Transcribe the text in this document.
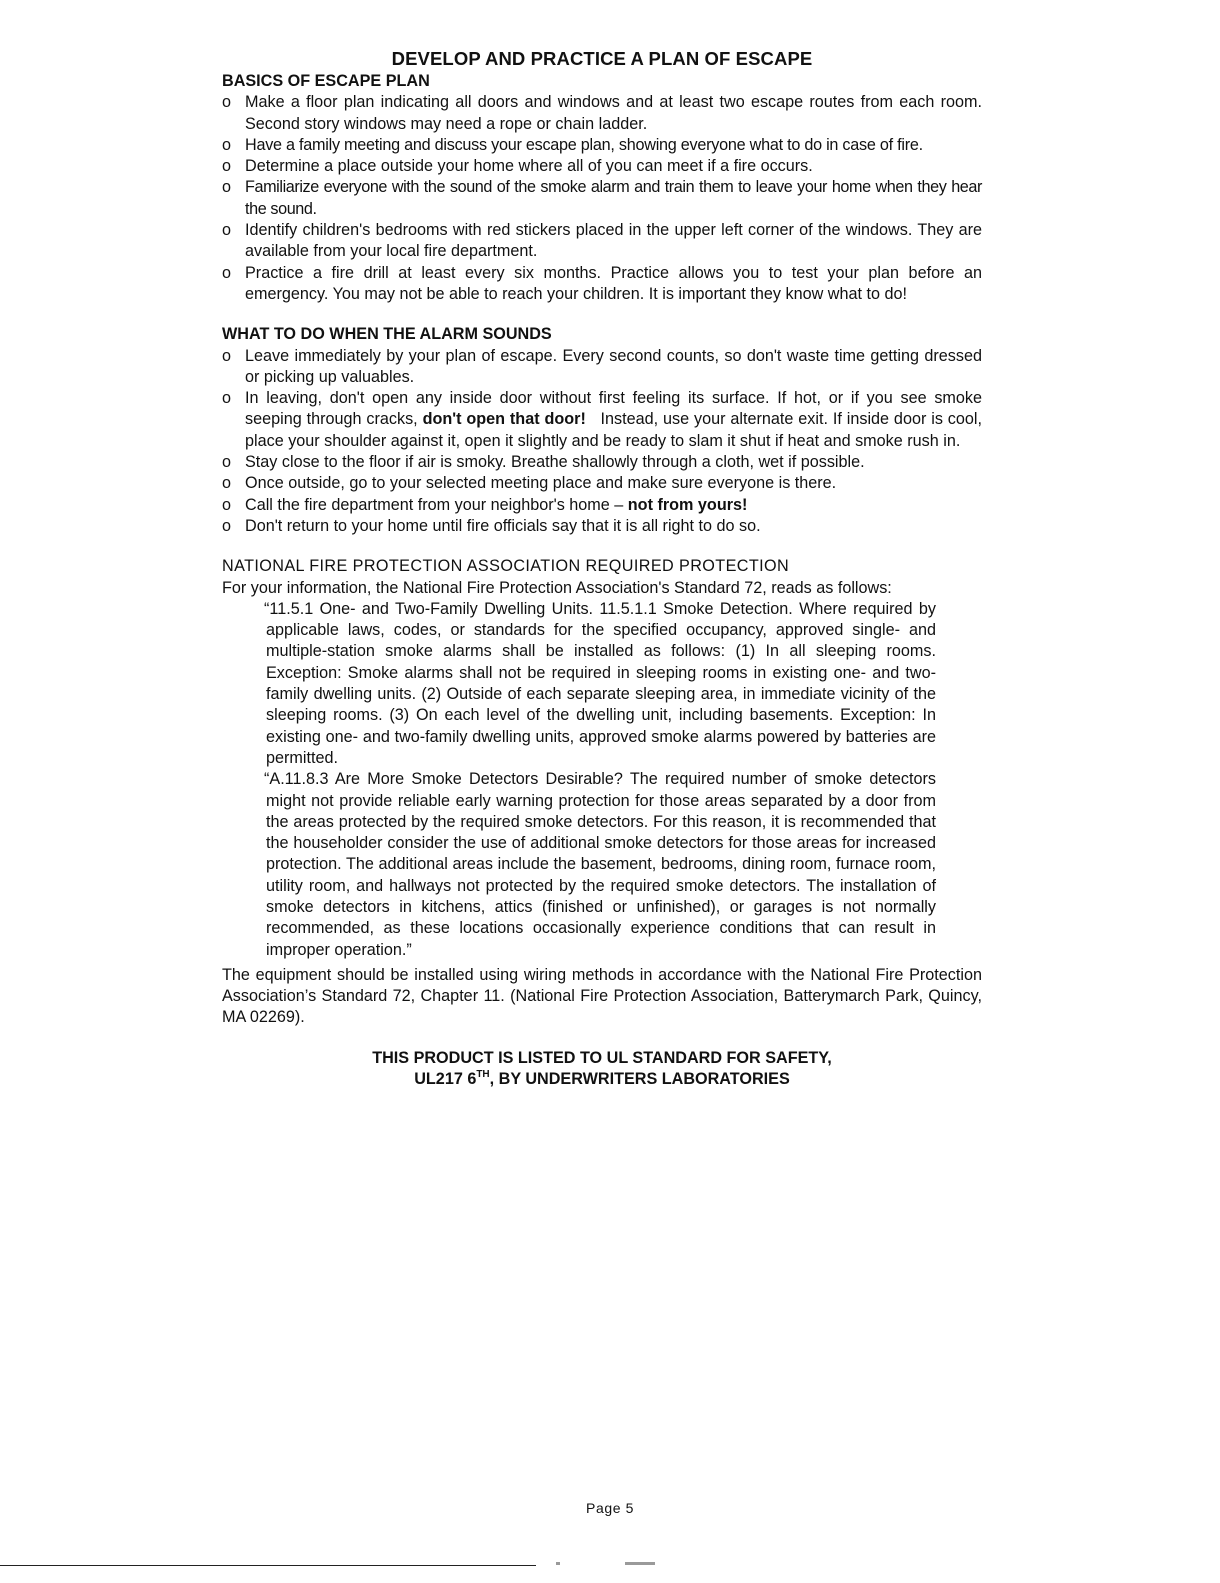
DEVELOP AND PRACTICE A PLAN OF ESCAPE
BASICS OF ESCAPE PLAN
o Make a floor plan indicating all doors and windows and at least two escape routes from each room. Second story windows may need a rope or chain ladder.
o Have a family meeting and discuss your escape plan, showing everyone what to do in case of fire.
o Determine a place outside your home where all of you can meet if a fire occurs.
o Familiarize everyone with the sound of the smoke alarm and train them to leave your home when they hear the sound.
o Identify children's bedrooms with red stickers placed in the upper left corner of the windows. They are available from your local fire department.
o Practice a fire drill at least every six months. Practice allows you to test your plan before an emergency. You may not be able to reach your children. It is important they know what to do!
WHAT TO DO WHEN THE ALARM SOUNDS
o Leave immediately by your plan of escape. Every second counts, so don't waste time getting dressed or picking up valuables.
o In leaving, don't open any inside door without first feeling its surface. If hot, or if you see smoke seeping through cracks, don't open that door! Instead, use your alternate exit. If inside door is cool, place your shoulder against it, open it slightly and be ready to slam it shut if heat and smoke rush in.
o Stay close to the floor if air is smoky. Breathe shallowly through a cloth, wet if possible.
o Once outside, go to your selected meeting place and make sure everyone is there.
o Call the fire department from your neighbor's home – not from yours!
o Don't return to your home until fire officials say that it is all right to do so.
NATIONAL FIRE PROTECTION ASSOCIATION REQUIRED PROTECTION

For your information, the National Fire Protection Association's Standard 72, reads as follows:

“11.5.1 One- and Two-Family Dwelling Units. 11.5.1.1 Smoke Detection. Where required by applicable laws, codes, or standards for the specified occupancy, approved single- and multiple-station smoke alarms shall be installed as follows: (1) In all sleeping rooms. Exception: Smoke alarms shall not be required in sleeping rooms in existing one- and two-family dwelling units. (2) Outside of each separate sleeping area, in immediate vicinity of the sleeping rooms. (3) On each level of the dwelling unit, including basements. Exception: In existing one- and two-family dwelling units, approved smoke alarms powered by batteries are permitted.

“A.11.8.3 Are More Smoke Detectors Desirable? The required number of smoke detectors might not provide reliable early warning protection for those areas separated by a door from the areas protected by the required smoke detectors. For this reason, it is recommended that the householder consider the use of additional smoke detectors for those areas for increased protection. The additional areas include the basement, bedrooms, dining room, furnace room, utility room, and hallways not protected by the required smoke detectors. The installation of smoke detectors in kitchens, attics (finished or unfinished), or garages is not normally recommended, as these locations occasionally experience conditions that can result in improper operation.”

The equipment should be installed using wiring methods in accordance with the National Fire Protection Association’s Standard 72, Chapter 11. (National Fire Protection Association, Batterymarch Park, Quincy, MA 02269).

THIS PRODUCT IS LISTED TO UL STANDARD FOR SAFETY,
UL217 6TH, BY UNDERWRITERS LABORATORIES
Page 5
